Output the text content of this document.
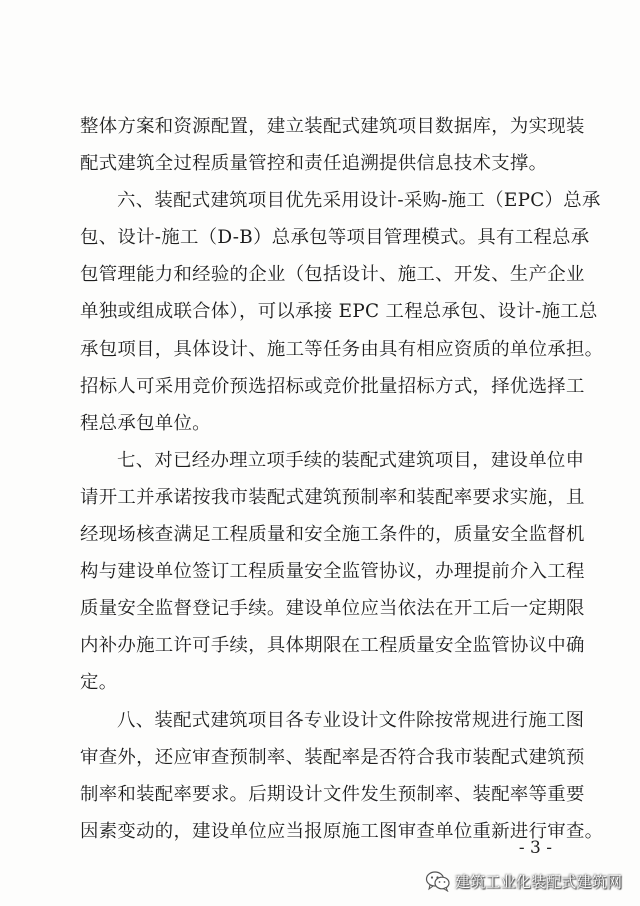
整体方案和资源配置，建立装配式建筑项目数据库，为实现装
配式建筑全过程质量管控和责任追溯提供信息技术支撑。
六、装配式建筑项目优先采用设计-采购-施工（EPC）总承
包、设计-施工（D-B）总承包等项目管理模式。具有工程总承
包管理能力和经验的企业（包括设计、施工、开发、生产企业
单独或组成联合体），可以承接 EPC 工程总承包、设计-施工总
承包项目，具体设计、施工等任务由具有相应资质的单位承担。
招标人可采用竞价预选招标或竞价批量招标方式，择优选择工
程总承包单位。
七、对已经办理立项手续的装配式建筑项目，建设单位申
请开工并承诺按我市装配式建筑预制率和装配率要求实施，且
经现场核查满足工程质量和安全施工条件的，质量安全监督机
构与建设单位签订工程质量安全监管协议，办理提前介入工程
质量安全监督登记手续。建设单位应当依法在开工后一定期限
内补办施工许可手续，具体期限在工程质量安全监管协议中确
定。
八、装配式建筑项目各专业设计文件除按常规进行施工图
审查外，还应审查预制率、装配率是否符合我市装配式建筑预
制率和装配率要求。后期设计文件发生预制率、装配率等重要
因素变动的，建设单位应当报原施工图审查单位重新进行审查。
- 3 -
建筑工业化装配式建筑网
